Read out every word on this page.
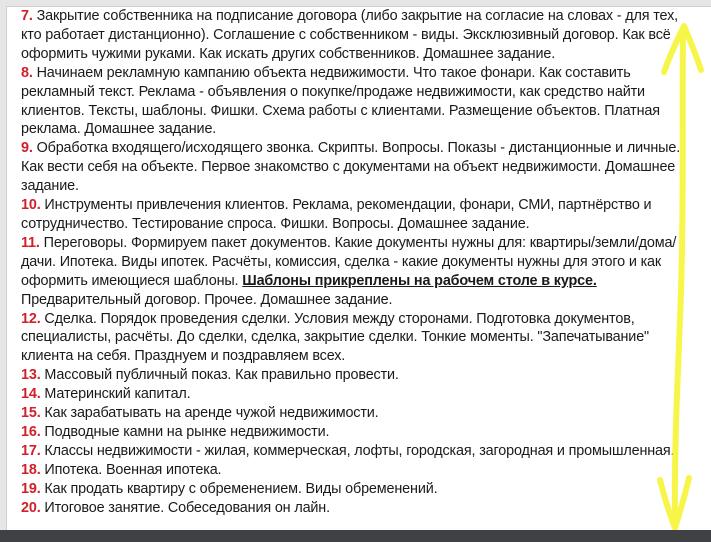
7. Закрытие собственника на подписание договора (либо закрытие на согласие на словах - для тех, кто работает дистанционно). Соглашение с собственником - виды. Эксклюзивный договор. Как всё оформить чужими руками. Как искать других собственников. Домашнее задание.

8. Начинаем рекламную кампанию объекта недвижимости. Что такое фонари. Как составить рекламный текст. Реклама - объявления о покупке/продаже недвижимости, как средство найти клиентов. Тексты, шаблоны. Фишки. Схема работы с клиентами. Размещение объектов. Платная реклама. Домашнее задание.

9. Обработка входящего/исходящего звонка. Скрипты. Вопросы. Показы - дистанционные и личные. Как вести себя на объекте. Первое знакомство с документами на объект недвижимости. Домашнее задание.

10. Инструменты привлечения клиентов. Реклама, рекомендации, фонари, СМИ, партнёрство и сотрудничество. Тестирование спроса. Фишки. Вопросы. Домашнее задание.

11. Переговоры. Формируем пакет документов. Какие документы нужны для: квартиры/земли/дома/дачи. Ипотека. Виды ипотек. Расчёты, комиссия, сделка - какие документы нужны для этого и как оформить имеющиеся шаблоны. Шаблоны прикреплены на рабочем столе в курсе. Предварительный договор. Прочее. Домашнее задание.

12. Сделка. Порядок проведения сделки. Условия между сторонами. Подготовка документов, специалисты, расчёты. До сделки, сделка, закрытие сделки. Тонкие моменты. "Запечатывание" клиента на себя. Празднуем и поздравляем всех.

13. Массовый публичный показ. Как правильно провести.

14. Материнский капитал.

15. Как зарабатывать на аренде чужой недвижимости.

16. Подводные камни на рынке недвижимости.

17. Классы недвижимости - жилая, коммерческая, лофты, городская, загородная и промышленная.

18. Ипотека. Военная ипотека.

19. Как продать квартиру с обременением. Виды обременений.

20. Итоговое занятие. Собеседования он лайн.
